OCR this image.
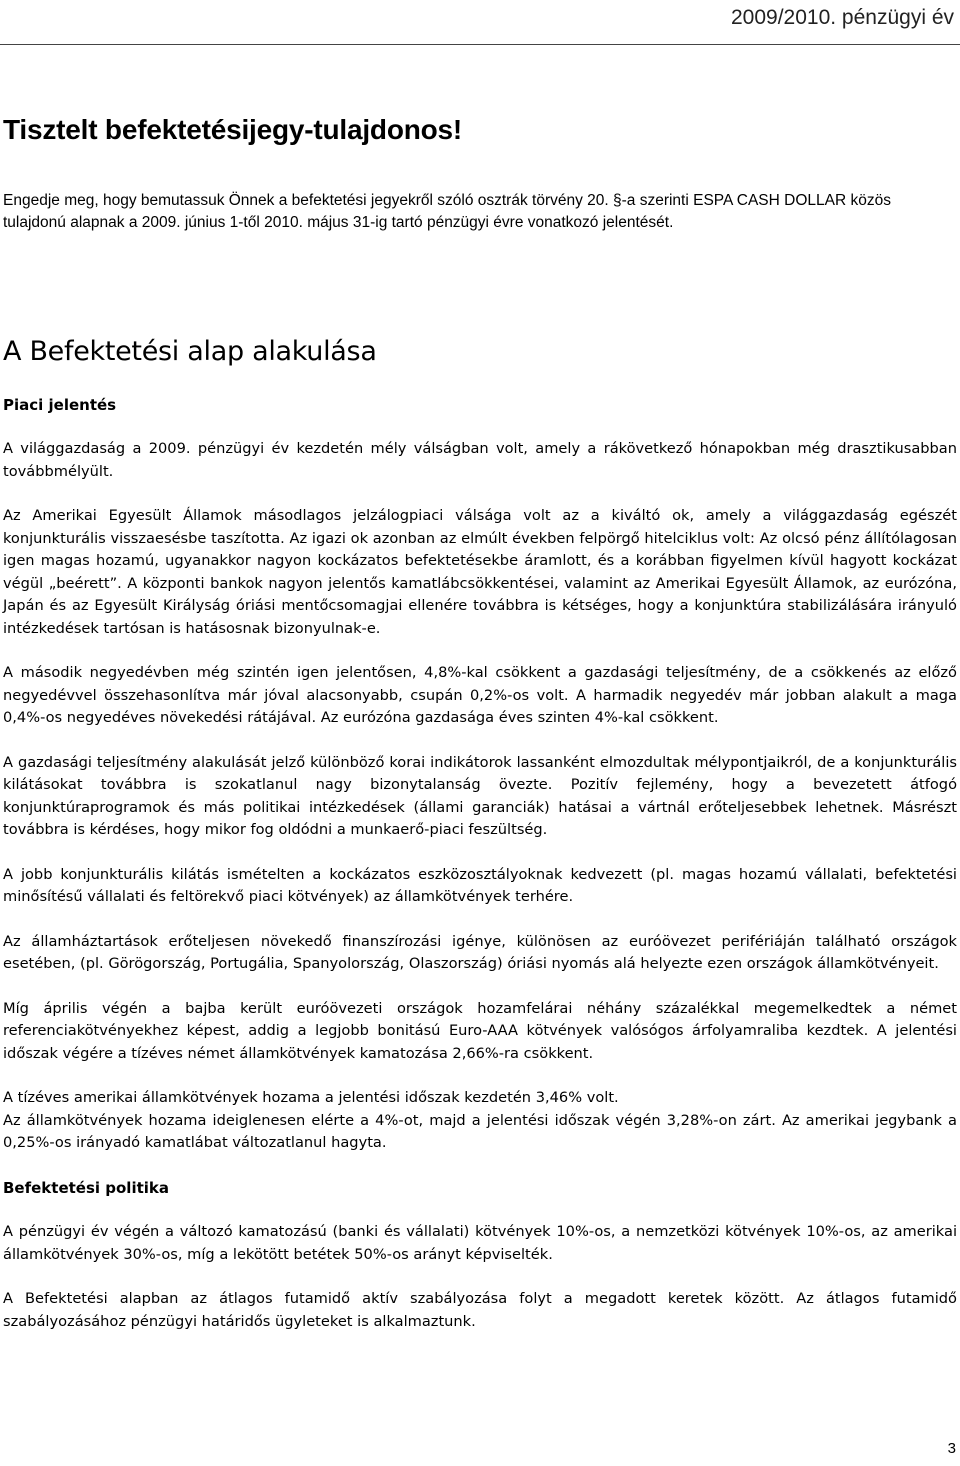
2009/2010. pénzügyi év
Tisztelt befektetésijegy-tulajdonos!

Engedje meg, hogy bemutassuk Önnek a befektetési jegyekről szóló osztrák törvény 20. §-a szerinti ESPA CASH DOLLAR közös tulajdonú alapnak a 2009. június 1-től 2010. május 31-ig tartó pénzügyi évre vonatkozó jelentését.

A Befektetési alap alakulása
Piaci jelentés

A világgazdaság a 2009. pénzügyi év kezdetén mély válságban volt, amely a rákövetkező hónapokban még drasztikusabban továbbmélyült.

Az Amerikai Egyesült Államok másodlagos jelzálogpiaci válsága volt az a kiváltó ok, amely a világgazdaság egészét konjunkturális visszaesésbe taszította. Az igazi ok azonban az elmúlt években felpörgő hitelciklus volt: Az olcsó pénz állítólagosan igen magas hozamú, ugyanakkor nagyon kockázatos befektetésekbe áramlott, és a korábban figyelmen kívül hagyott kockázat végül „beérett”. A központi bankok nagyon jelentős kamatlábcsökkentései, valamint az Amerikai Egyesült Államok, az eurózóna, Japán és az Egyesült Királyság óriási mentőcsomagjai ellenére továbbra is kétséges, hogy a konjunktúra stabilizálására irányuló intézkedések tartósan is hatásosnak bizonyulnak-e.

A második negyedévben még szintén igen jelentősen, 4,8%-kal csökkent a gazdasági teljesítmény, de a csökkenés az előző negyedévvel összehasonlítva már jóval alacsonyabb, csupán 0,2%-os volt. A harmadik negyedév már jobban alakult a maga 0,4%-os negyedéves növekedési rátájával. Az eurózóna gazdasága éves szinten 4%-kal csökkent.

A gazdasági teljesítmény alakulását jelző különböző korai indikátorok lassanként elmozdultak mélypontjaikról, de a konjunkturális kilátásokat továbbra is szokatlanul nagy bizonytalanság övezte. Pozitív fejlemény, hogy a bevezetett átfogó konjunktúraprogramok és más politikai intézkedések (állami garanciák) hatásai a vártnál erőteljesebbek lehetnek. Másrészt továbbra is kérdéses, hogy mikor fog oldódni a munkaerő-piaci feszültség.

A jobb konjunkturális kilátás ismételten a kockázatos eszközosztályoknak kedvezett (pl. magas hozamú vállalati, befektetési minősítésű vállalati és feltörekvő piaci kötvények) az államkötvények terhére.

Az államháztartások erőteljesen növekedő finanszírozási igénye, különösen az euróövezet perifériáján található országok esetében, (pl. Görögország, Portugália, Spanyolország, Olaszország) óriási nyomás alá helyezte ezen országok államkötvényeit.

Míg április végén a bajba került euróövezeti országok hozamfelárai néhány százalékkal megemelkedtek a német referenciakötvényekhez képest, addig a legjobb bonitású Euro-AAA kötvények valósógos árfolyamraliba kezdtek. A jelentési időszak végére a tízéves német államkötvények kamatozása 2,66%-ra csökkent.

A tízéves amerikai államkötvények hozama a jelentési időszak kezdetén 3,46% volt.

Az államkötvények hozama ideiglenesen elérte a 4%-ot, majd a jelentési időszak végén 3,28%-on zárt. Az amerikai jegybank a 0,25%-os irányadó kamatlábat változatlanul hagyta.

Befektetési politika

A pénzügyi év végén a változó kamatozású (banki és vállalati) kötvények 10%-os, a nemzetközi kötvények 10%-os, az amerikai államkötvények 30%-os, míg a lekötött betétek 50%-os arányt képviselték.

A Befektetési alapban az átlagos futamidő aktív szabályozása folyt a megadott keretek között. Az átlagos futamidő szabályozásához pénzügyi határidős ügyleteket is alkalmaztunk.

3
